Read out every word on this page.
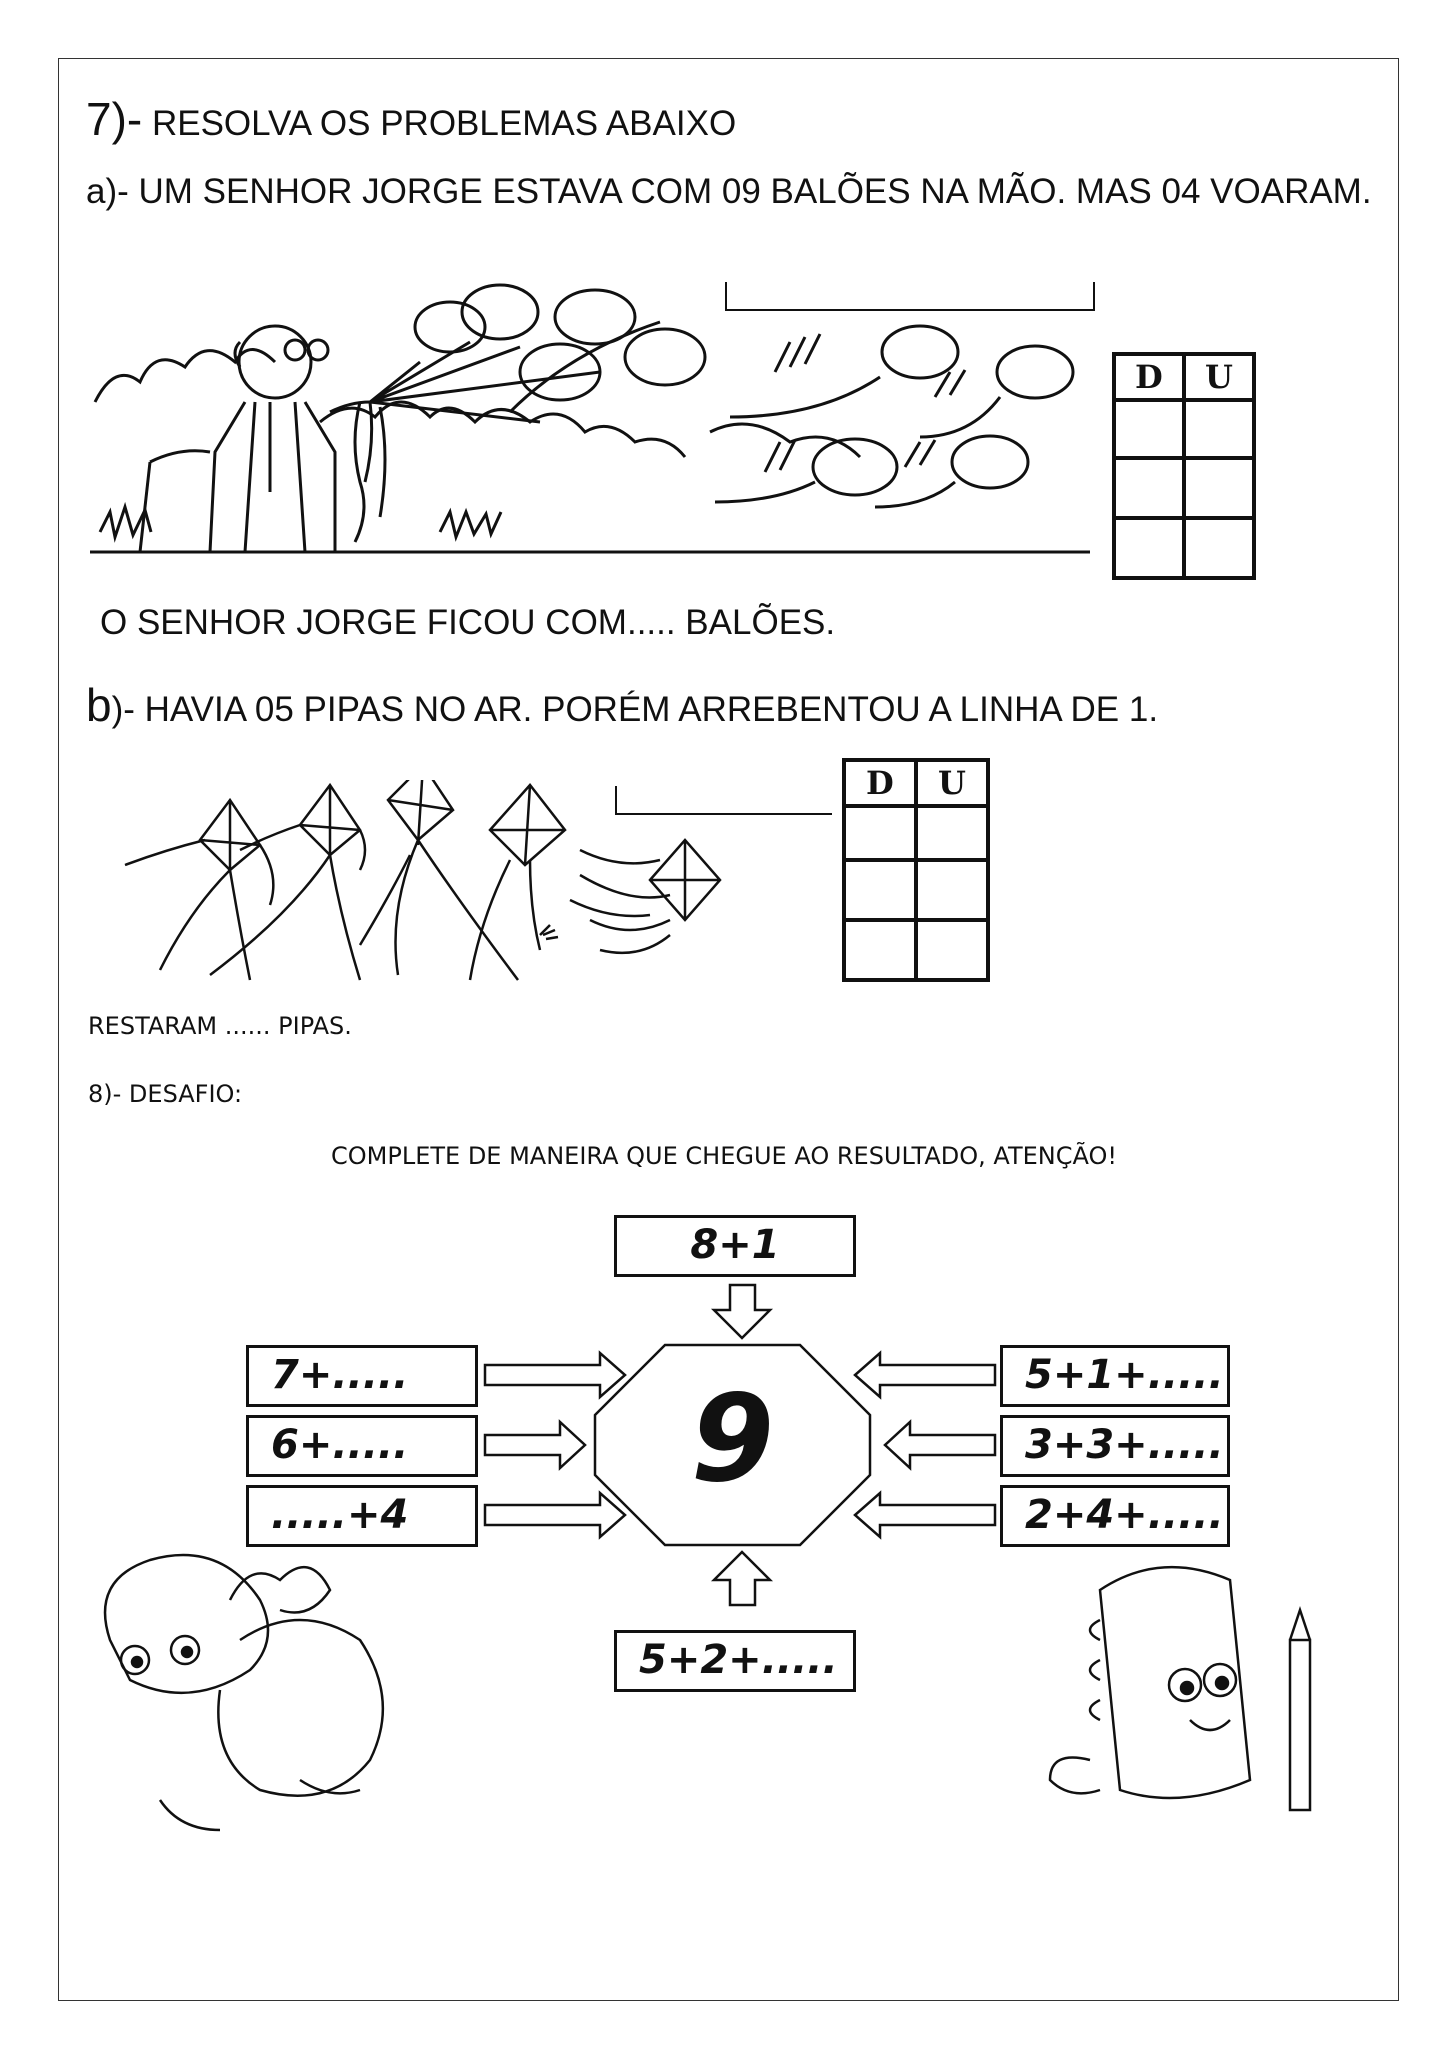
7)- RESOLVA OS PROBLEMAS ABAIXO
a)- UM SENHOR JORGE ESTAVA COM 09 BALÕES NA MÃO. MAS 04 VOARAM.
D	U

O SENHOR JORGE FICOU COM..... BALÕES.
b)- HAVIA 05 PIPAS NO AR. PORÉM ARREBENTOU A LINHA DE 1.
D	U

RESTARAM ...... PIPAS.
8)- DESAFIO:
COMPLETE DE MANEIRA QUE CHEGUE AO RESULTADO, ATENÇÃO!
8+1
7+.....
6+.....
.....+4
5+1+.....
3+3+.....
2+4+.....
5+2+.....
9
